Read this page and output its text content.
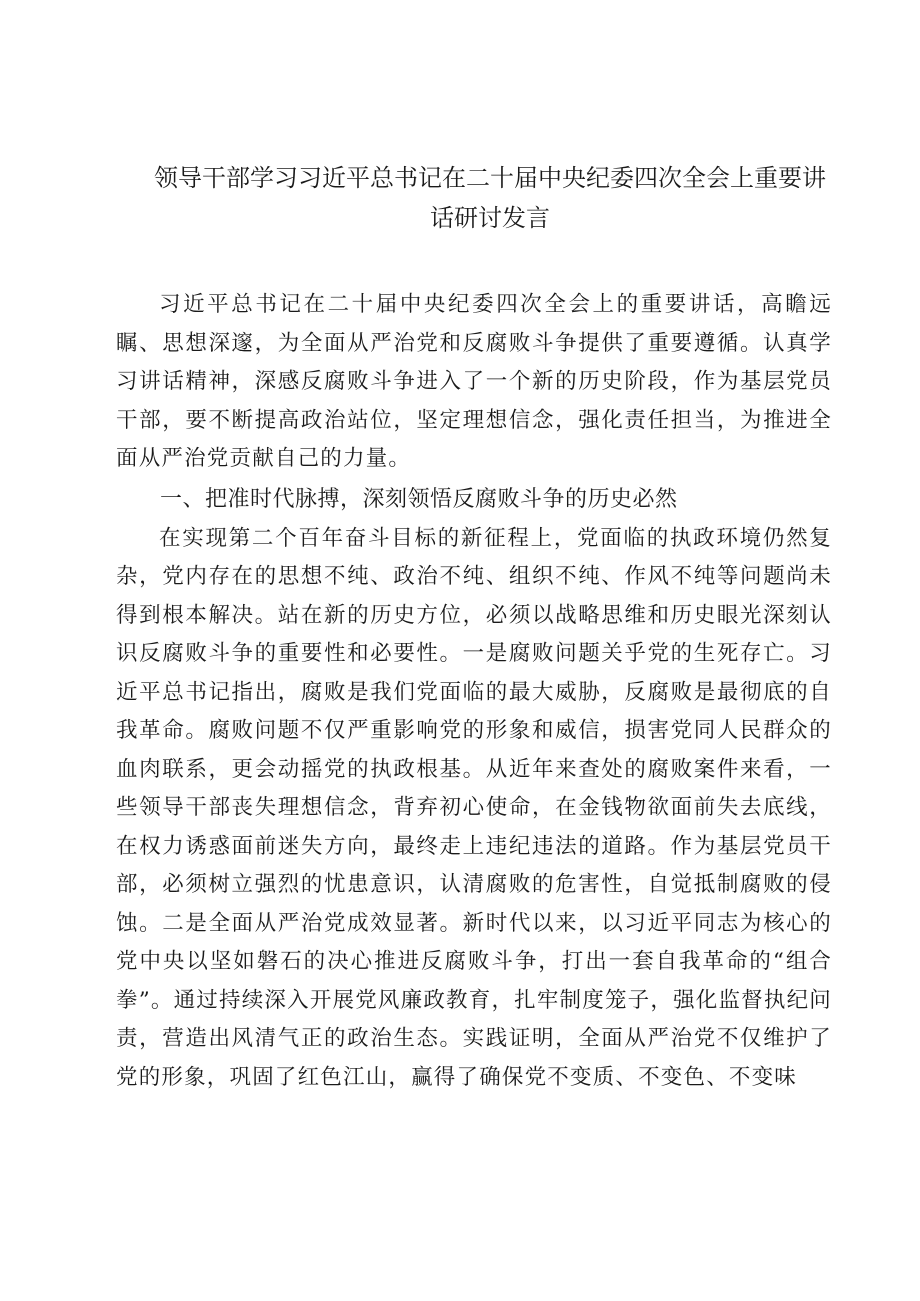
领导干部学习习近平总书记在二十届中央纪委四次全会上重要讲
话研讨发言

习近平总书记在二十届中央纪委四次全会上的重要讲话，高瞻远瞩、思想深邃，为全面从严治党和反腐败斗争提供了重要遵循。认真学习讲话精神，深感反腐败斗争进入了一个新的历史阶段，作为基层党员干部，要不断提高政治站位，坚定理想信念，强化责任担当，为推进全面从严治党贡献自己的力量。

一、把准时代脉搏，深刻领悟反腐败斗争的历史必然

在实现第二个百年奋斗目标的新征程上，党面临的执政环境仍然复杂，党内存在的思想不纯、政治不纯、组织不纯、作风不纯等问题尚未得到根本解决。站在新的历史方位，必须以战略思维和历史眼光深刻认识反腐败斗争的重要性和必要性。一是腐败问题关乎党的生死存亡。习近平总书记指出，腐败是我们党面临的最大威胁，反腐败是最彻底的自我革命。腐败问题不仅严重影响党的形象和威信，损害党同人民群众的血肉联系，更会动摇党的执政根基。从近年来查处的腐败案件来看，一些领导干部丧失理想信念，背弃初心使命，在金钱物欲面前失去底线，在权力诱惑面前迷失方向，最终走上违纪违法的道路。作为基层党员干部，必须树立强烈的忧患意识，认清腐败的危害性，自觉抵制腐败的侵蚀。二是全面从严治党成效显著。新时代以来，以习近平同志为核心的党中央以坚如磐石的决心推进反腐败斗争，打出一套自我革命的“组合拳”。通过持续深入开展党风廉政教育，扎牢制度笼子，强化监督执纪问责，营造出风清气正的政治生态。实践证明，全面从严治党不仅维护了党的形象，巩固了红色江山，赢得了确保党不变质、不变色、不变味
